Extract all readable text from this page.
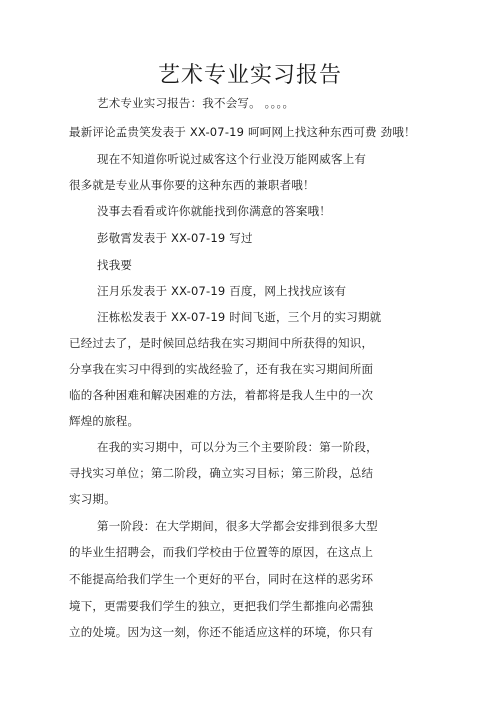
艺术专业实习报告
艺术专业实习报告：我不会写。 。。。。
最新评论孟贵笑发表于 XX-07-19 呵呵网上找这种东西可费 劲哦！
现在不知道你听说过威客这个行业没万能网威客上有
很多就是专业从事你要的这种东西的兼职者哦！
没事去看看或许你就能找到你满意的答案哦！
彭敬霄发表于 XX-07-19 写过
找我要
汪月乐发表于 XX-07-19 百度，网上找找应该有
汪栋松发表于 XX-07-19 时间飞逝，三个月的实习期就
已经过去了，是时候回总结我在实习期间中所获得的知识，
分享我在实习中得到的实战经验了，还有我在实习期间所面
临的各种困难和解决困难的方法，着都将是我人生中的一次
辉煌的旅程。
在我的实习期中，可以分为三个主要阶段：第一阶段，
寻找实习单位；第二阶段，确立实习目标；第三阶段，总结
实习期。
第一阶段：在大学期间，很多大学都会安排到很多大型
的毕业生招聘会，而我们学校由于位置等的原因，在这点上
不能提高给我们学生一个更好的平台，同时在这样的恶劣环
境下，更需要我们学生的独立，更把我们学生都推向必需独
立的处境。因为这一刻，你还不能适应这样的环境，你只有
